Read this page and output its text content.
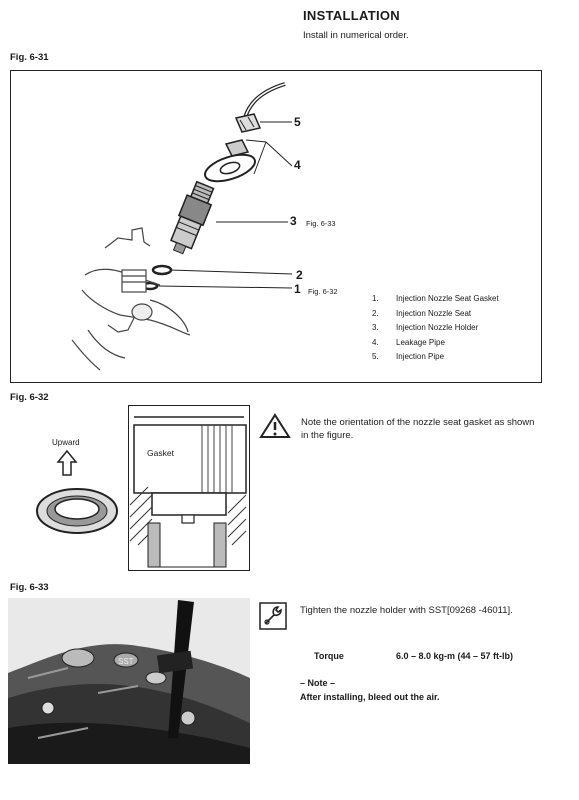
INSTALLATION
Install in numerical order.
Fig. 6-31
5
4
3 Fig. 6-33
2
1 Fig. 6-32
1.	Injection Nozzle Seat Gasket
2.	Injection Nozzle Seat
3.	Injection Nozzle Holder
4.	Leakage Pipe
5.	Injection Pipe
Fig. 6-32
Upward
Gasket
Note the orientation of the nozzle seat gasket as shown in the figure.
Fig. 6-33
SST
Tighten the nozzle holder with SST[09268 -46011].
Torque	6.0 – 8.0 kg-m (44 – 57 ft-lb)
– Note –
After installing, bleed out the air.
